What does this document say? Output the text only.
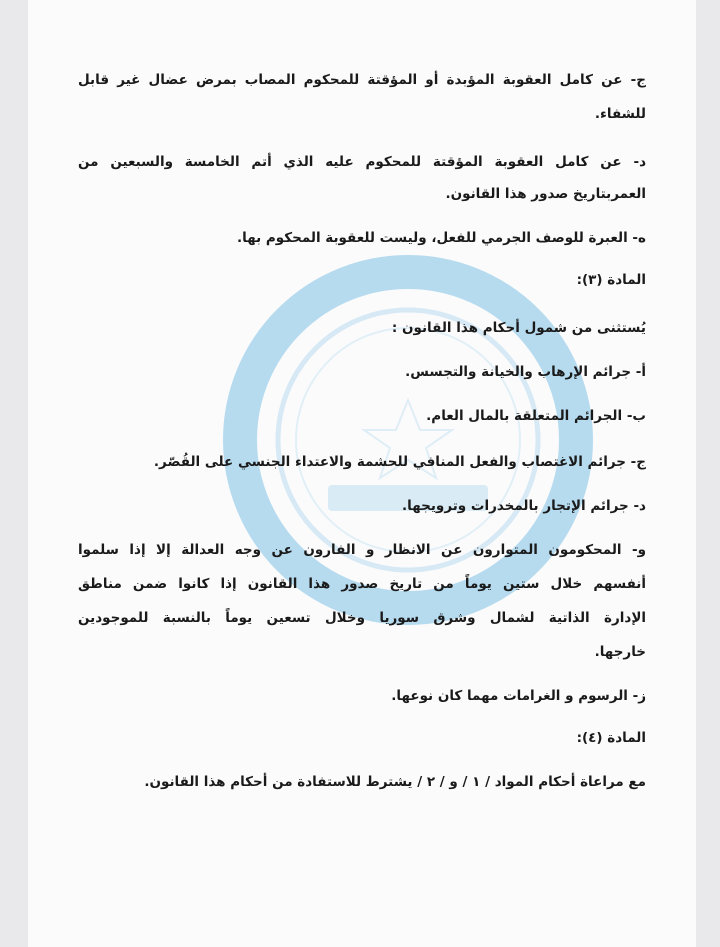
ج- عن كامل العقوبة المؤبدة أو المؤقتة للمحكوم المصاب بمرض عضال غير قابل
للشفاء.
د- عن كامل العقوبة المؤقتة للمحكوم عليه الذي أتم الخامسة والسبعين من
العمربتاريخ صدور هذا القانون.
ه- العبرة للوصف الجرمي للفعل، وليست للعقوبة المحكوم بها.
المادة (٣):
يُستثنى من شمول أحكام هذا القانون :
أ- جرائم الإرهاب والخيانة والتجسس.
ب- الجرائم المتعلقة بالمال العام.
ج- جرائم الاغتصاب والفعل المنافي للحشمة والاعتداء الجنسي على القُصّر.
د- جرائم الإتجار بالمخدرات وترويجها.
و- المحكومون المتوارون عن الانظار و الفارون عن وجه العدالة إلا إذا سلموا
أنفسهم خلال ستين يوماً من تاريخ صدور هذا القانون إذا كانوا ضمن مناطق
الإدارة الذاتية لشمال وشرق سوريا وخلال تسعين يوماً بالنسبة للموجودين
خارجها.
ز- الرسوم و الغرامات مهما كان نوعها.
المادة (٤):
مع مراعاة أحكام المواد / ١ / و / ٢ / يشترط للاستفادة من أحكام هذا القانون.
